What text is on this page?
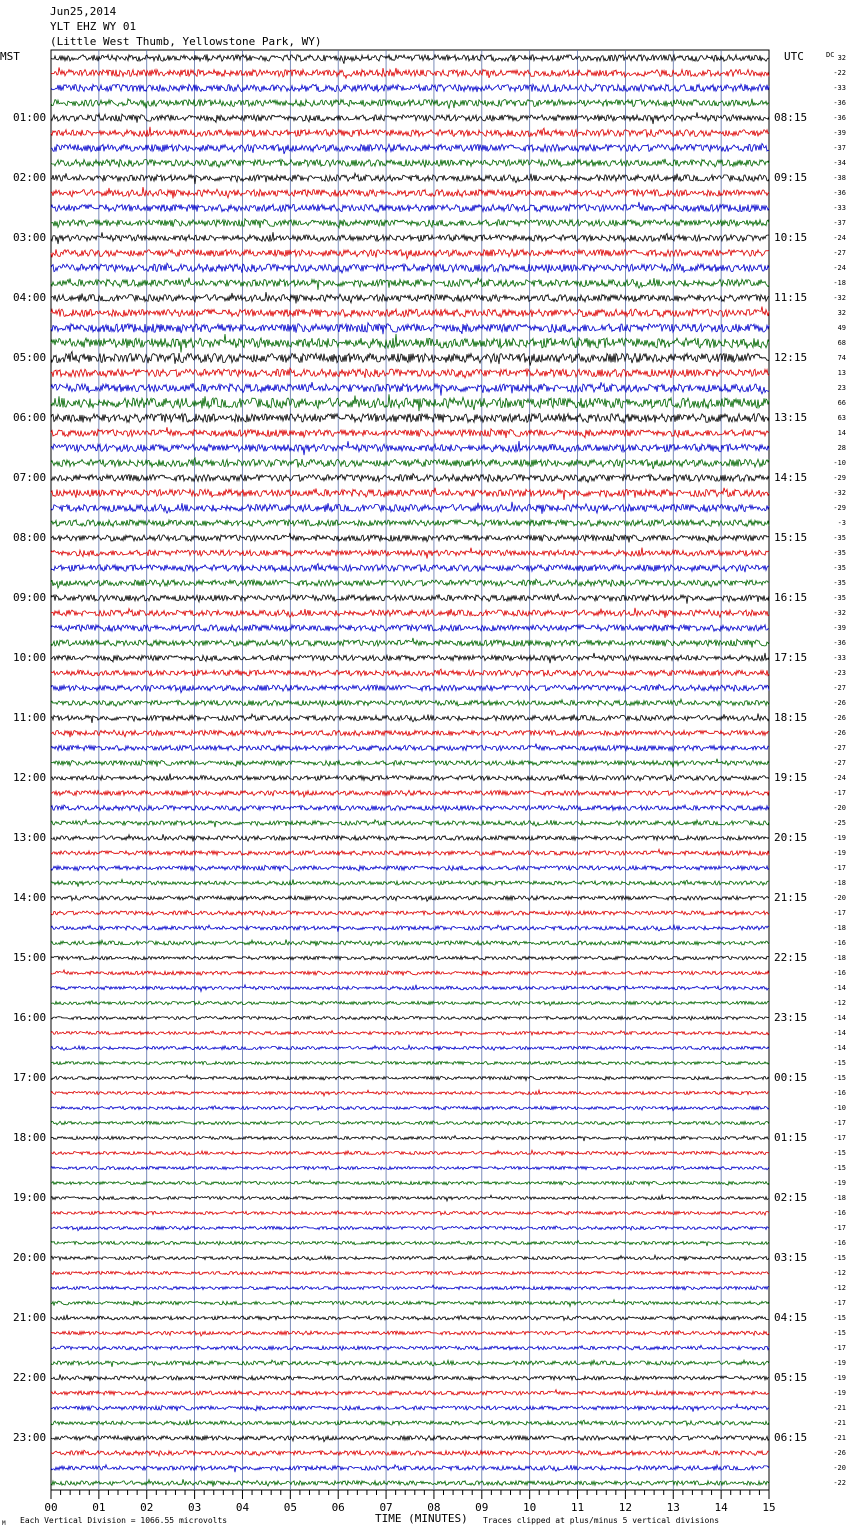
Jun25,2014
YLT EHZ WY 01
(Little West Thumb, Yellowstone Park, WY)
MST	UTC	DC
00	01	02	03	04	05	06	07	08	09	10	11	12	13	14	15
32
-22
-33
-36
-36
-39
-37
-34
-38
-36
-33
-37
-24
-27
-24
-18
-32
32
49
68
74
13
23
66
63
14
28
-10
-29
-32
-29
-3
-35
-35
-35
-35
-35
-32
-39
-36
-33
-23
-27
-26
-26
-26
-27
-27
-24
-17
-20
-25
-19
-19
-17
-18
-20
-17
-18
-16
-18
-16
-14
-12
-14
-14
-14
-15
-15
-16
-10
-17
-17
-15
-15
-19
-18
-16
-17
-16
-15
-12
-12
-17
-15
-15
-17
-19
-19
-19
-21
-21
-21
-26
-20
-22
01:00
02:00
03:00
04:00
05:00
06:00
07:00
08:00
09:00
10:00
11:00
12:00
13:00
14:00
15:00
16:00
17:00
18:00
19:00
20:00
21:00
22:00
23:00
08:15
09:15
10:15
11:15
12:15
13:15
14:15
15:15
16:15
17:15
18:15
19:15
20:15
21:15
22:15
23:15
00:15
01:15
02:15
03:15
04:15
05:15
06:15
M Each Vertical Division = 1066.55 microvolts	TIME (MINUTES) Traces clipped at plus/minus 5 vertical divisions
